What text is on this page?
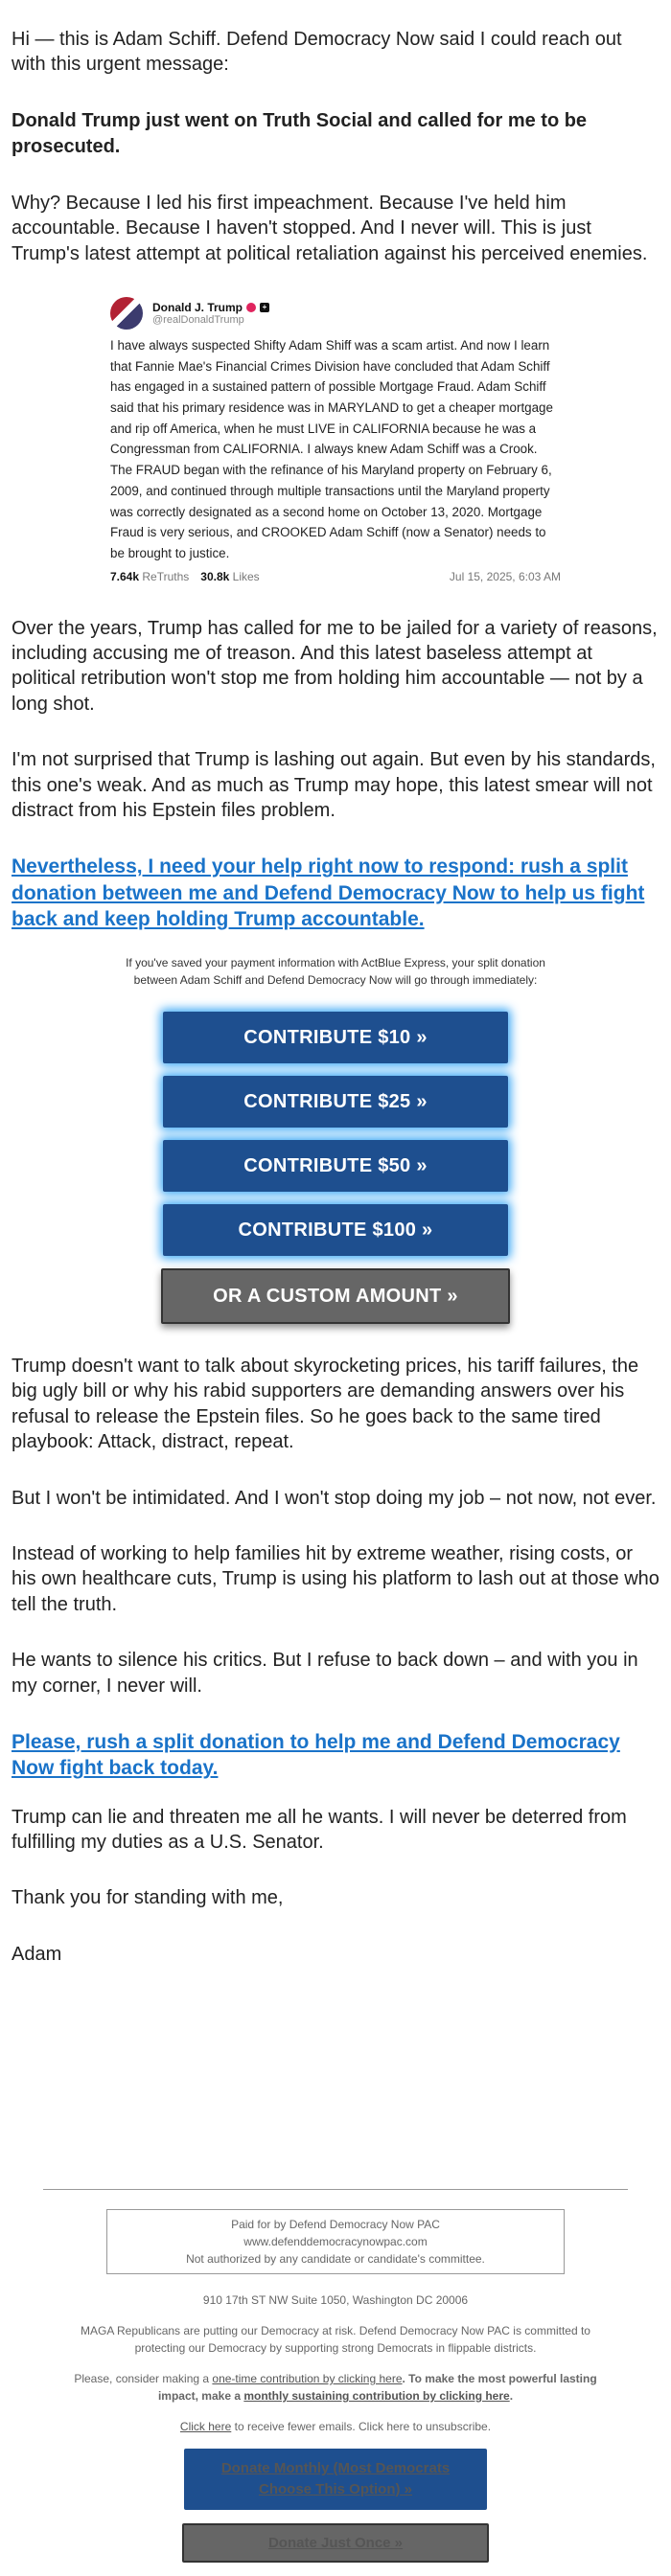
Hi — this is Adam Schiff. Defend Democracy Now said I could reach out with this urgent message:

Donald Trump just went on Truth Social and called for me to be prosecuted.

Why? Because I led his first impeachment. Because I've held him accountable. Because I haven't stopped. And I never will. This is just Trump's latest attempt at political retaliation against his perceived enemies.

Donald J. Trump	+
@realDonaldTrump
I have always suspected Shifty Adam Shiff was a scam artist. And now I learn that Fannie Mae's Financial Crimes Division have concluded that Adam Schiff has engaged in a sustained pattern of possible Mortgage Fraud. Adam Schiff said that his primary residence was in MARYLAND to get a cheaper mortgage and rip off America, when he must LIVE in CALIFORNIA because he was a Congressman from CALIFORNIA. I always knew Adam Schiff was a Crook. The FRAUD began with the refinance of his Maryland property on February 6, 2009, and continued through multiple transactions until the Maryland property was correctly designated as a second home on October 13, 2020. Mortgage Fraud is very serious, and CROOKED Adam Schiff (now a Senator) needs to be brought to justice.
7.64k
ReTruths 30.8k
Likes	Jul 15, 2025, 6:03 AM

Over the years, Trump has called for me to be jailed for a variety of reasons, including accusing me of treason. And this latest baseless attempt at political retribution won't stop me from holding him accountable — not by a long shot.

I'm not surprised that Trump is lashing out again. But even by his standards, this one's weak. And as much as Trump may hope, this latest smear will not distract from his Epstein files problem.

Nevertheless, I need your help right now to respond: rush a split donation between me and Defend Democracy Now to help us fight back and keep holding Trump accountable.
If you've saved your payment information with ActBlue Express, your split donation between Adam Schiff and Defend Democracy Now will go through immediately:
CONTRIBUTE $10 »
CONTRIBUTE $25 »
CONTRIBUTE $50 »
CONTRIBUTE $100 »
OR A CUSTOM AMOUNT »

Trump doesn't want to talk about skyrocketing prices, his tariff failures, the big ugly bill or why his rabid supporters are demanding answers over his refusal to release the Epstein files. So he goes back to the same tired playbook: Attack, distract, repeat.

But I won't be intimidated. And I won't stop doing my job – not now, not ever.

Instead of working to help families hit by extreme weather, rising costs, or his own healthcare cuts, Trump is using his platform to lash out at those who tell the truth.

He wants to silence his critics. But I refuse to back down – and with you in my corner, I never will.

Please, rush a split donation to help me and Defend Democracy Now fight back today.

Trump can lie and threaten me all he wants. I will never be deterred from fulfilling my duties as a U.S. Senator.

Thank you for standing with me,

Adam

Paid for by Defend Democracy Now PAC
www.defenddemocracynowpac.com
Not authorized by any candidate or candidate's committee.

910 17th ST NW Suite 1050, Washington DC 20006

MAGA Republicans are putting our Democracy at risk. Defend Democracy Now PAC is committed to protecting our Democracy by supporting strong Democrats in flippable districts.

Please, consider making a one-time contribution by clicking here. To make the most powerful lasting impact, make a monthly sustaining contribution by clicking here.

Click here to receive fewer emails. Click here to unsubscribe.

Donate Monthly (Most Democrats Choose This Option) »
Donate Just Once »
